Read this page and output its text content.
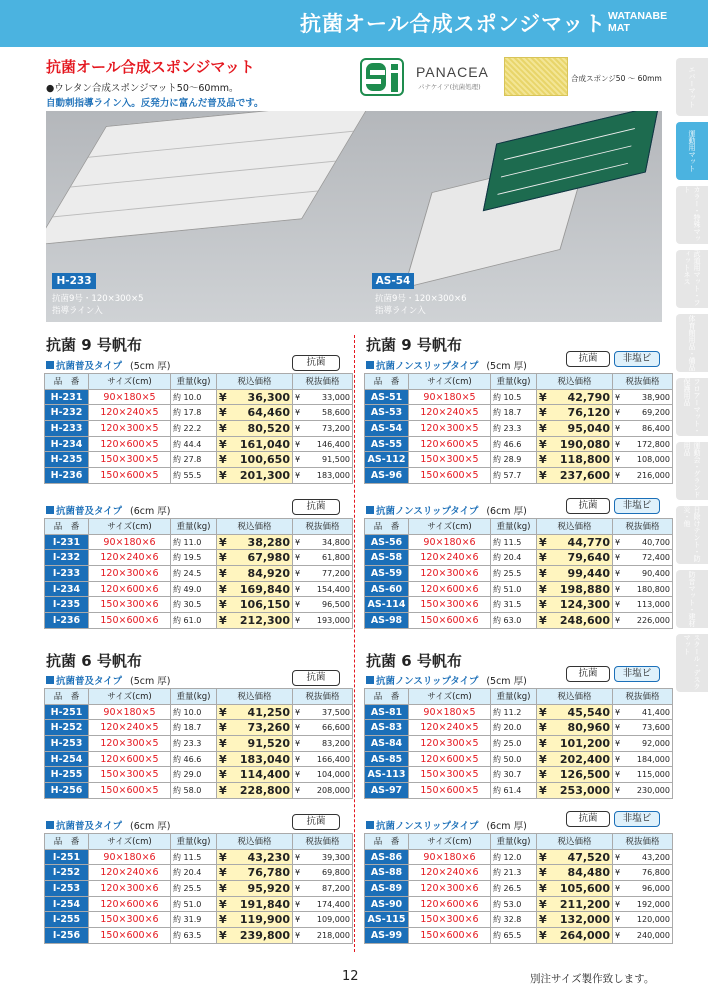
抗菌オール合成スポンジマット WATANABE
MAT
抗菌オール合成スポンジマット
●ウレタン合成スポンジマット50〜60mm。
自動刺指導ライン入。反発力に富んだ普及品です。
PANACEA
パナケイア(抗菌処理)
合成スポンジ50 〜 60mm
H-233
抗菌9号・120×300×5
指導ライン入
AS-54
抗菌9号・120×300×6
指導ライン入
抗菌 9 号帆布
抗菌普及タイプ (5cm 厚)	抗菌
品　番	サイズ(cm)	重量(kg)	税込価格	税抜価格
H-231	90×180×5	約 10.0	¥ 36,300	¥ 33,000
H-232	120×240×5	約 17.8	¥ 64,460	¥ 58,600
H-233	120×300×5	約 22.2	¥ 80,520	¥ 73,200
H-234	120×600×5	約 44.4	¥ 161,040	¥ 146,400
H-235	150×300×5	約 27.8	¥ 100,650	¥ 91,500
H-236	150×600×5	約 55.5	¥ 201,300	¥ 183,000
抗菌普及タイプ (6cm 厚)	抗菌
品　番	サイズ(cm)	重量(kg)	税込価格	税抜価格
I-231	90×180×6	約 11.0	¥ 38,280	¥ 34,800
I-232	120×240×6	約 19.5	¥ 67,980	¥ 61,800
I-233	120×300×6	約 24.5	¥ 84,920	¥ 77,200
I-234	120×600×6	約 49.0	¥ 169,840	¥ 154,400
I-235	150×300×6	約 30.5	¥ 106,150	¥ 96,500
I-236	150×600×6	約 61.0	¥ 212,300	¥ 193,000
抗菌 6 号帆布
抗菌普及タイプ (5cm 厚)	抗菌
品　番	サイズ(cm)	重量(kg)	税込価格	税抜価格
H-251	90×180×5	約 10.0	¥ 41,250	¥ 37,500
H-252	120×240×5	約 18.7	¥ 73,260	¥ 66,600
H-253	120×300×5	約 23.3	¥ 91,520	¥ 83,200
H-254	120×600×5	約 46.6	¥ 183,040	¥ 166,400
H-255	150×300×5	約 29.0	¥ 114,400	¥ 104,000
H-256	150×600×5	約 58.0	¥ 228,800	¥ 208,000
抗菌普及タイプ (6cm 厚)	抗菌
品　番	サイズ(cm)	重量(kg)	税込価格	税抜価格
I-251	90×180×6	約 11.5	¥ 43,230	¥ 39,300
I-252	120×240×6	約 20.4	¥ 76,780	¥ 69,800
I-253	120×300×6	約 25.5	¥ 95,920	¥ 87,200
I-254	120×600×6	約 51.0	¥ 191,840	¥ 174,400
I-255	150×300×6	約 31.9	¥ 119,900	¥ 109,000
I-256	150×600×6	約 63.5	¥ 239,800	¥ 218,000
抗菌 9 号帆布
抗菌ノンスリップタイプ (5cm 厚)
抗菌	非塩ビ
品　番	サイズ(cm)	重量(kg)	税込価格	税抜価格
AS-51	90×180×5	約 10.5	¥ 42,790	¥ 38,900
AS-53	120×240×5	約 18.7	¥ 76,120	¥ 69,200
AS-54	120×300×5	約 23.3	¥ 95,040	¥ 86,400
AS-55	120×600×5	約 46.6	¥ 190,080	¥ 172,800
AS-112	150×300×5	約 28.9	¥ 118,800	¥ 108,000
AS-96	150×600×5	約 57.7	¥ 237,600	¥ 216,000
抗菌ノンスリップタイプ (6cm 厚)
抗菌	非塩ビ
品　番	サイズ(cm)	重量(kg)	税込価格	税抜価格
AS-56	90×180×6	約 11.5	¥ 44,770	¥ 40,700
AS-58	120×240×6	約 20.4	¥ 79,640	¥ 72,400
AS-59	120×300×6	約 25.5	¥ 99,440	¥ 90,400
AS-60	120×600×6	約 51.0	¥ 198,880	¥ 180,800
AS-114	150×300×6	約 31.5	¥ 124,300	¥ 113,000
AS-98	150×600×6	約 63.0	¥ 248,600	¥ 226,000
抗菌 6 号帆布
抗菌ノンスリップタイプ (5cm 厚)
抗菌	非塩ビ
品　番	サイズ(cm)	重量(kg)	税込価格	税抜価格
AS-81	90×180×5	約 11.2	¥ 45,540	¥ 41,400
AS-83	120×240×5	約 20.0	¥ 80,960	¥ 73,600
AS-84	120×300×5	約 25.0	¥ 101,200	¥ 92,000
AS-85	120×600×5	約 50.0	¥ 202,400	¥ 184,000
AS-113	150×300×5	約 30.7	¥ 126,500	¥ 115,000
AS-97	150×600×5	約 61.4	¥ 253,000	¥ 230,000
抗菌ノンスリップタイプ (6cm 厚)
抗菌	非塩ビ
品　番	サイズ(cm)	重量(kg)	税込価格	税抜価格
AS-86	90×180×6	約 12.0	¥ 47,520	¥ 43,200
AS-88	120×240×6	約 21.3	¥ 84,480	¥ 76,800
AS-89	120×300×6	約 26.5	¥ 105,600	¥ 96,000
AS-90	120×600×6	約 53.0	¥ 211,200	¥ 192,000
AS-115	150×300×6	約 32.8	¥ 132,000	¥ 120,000
AS-99	150×600×6	約 65.5	¥ 264,000	¥ 240,000
エバーマット
運動用マット
カラー・特殊マット
武道用マット・フィットネス
体育館用品・備品
フロアーマット・保護用品
運動会・グランド用品
日除けテント・防災・他
防音マット・建材
スクール・デスクマット
12	別注サイズ製作致します。
